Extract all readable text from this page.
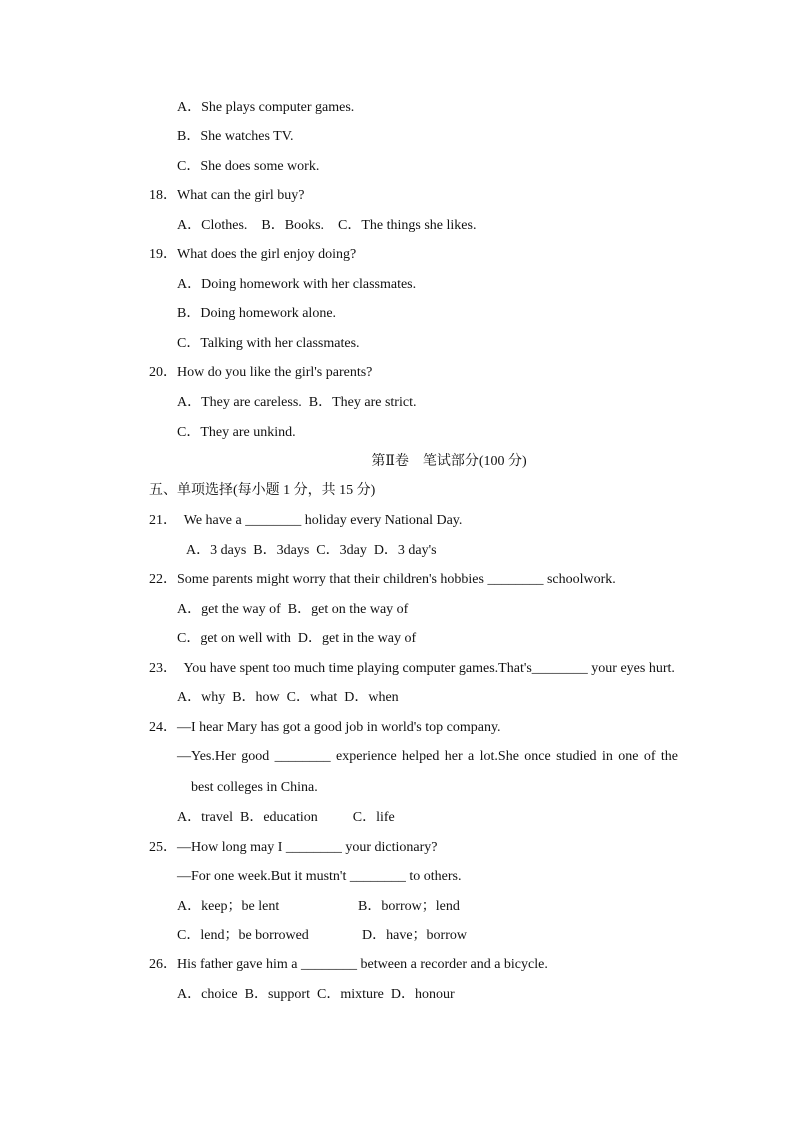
A．She plays computer games.
B．She watches TV.
C．She does some work.
18．What can the girl buy?
A．Clothes.    B．Books.    C．The things she likes.
19．What does the girl enjoy doing?
A．Doing homework with her classmates.
B．Doing homework alone.
C．Talking with her classmates.
20．How do you like the girl's parents?
A．They are careless.  B．They are strict.
C．They are unkind.
第Ⅱ卷    笔试部分(100 分)
五、单项选择(每小题 1 分，共 15 分)
21．  We have a ________ holiday every National Day.
A．3 days  B．3days  C．3day  D．3 day's
22．Some parents might worry that their children's hobbies ________ schoolwork.
A．get the way of  B．get on the way of
C．get on well with  D．get in the way of
23．  You have spent too much time playing computer games.That's________ your eyes hurt.
A．why  B．how  C．what  D．when
24．—I hear Mary has got a good job in world's top company.
—Yes.Her good ________ experience helped her a lot.She once studied in one of the
best colleges in China.
A．travel  B．education          C．life
25．—How long may I ________ your dictionary?
—For one week.But it mustn't ________ to others.
A．keep；be lent	B．borrow；lend
C．lend；be borrowed	D．have；borrow
26．His father gave him a ________ between a recorder and a bicycle.
A．choice  B．support  C．mixture  D．honour
